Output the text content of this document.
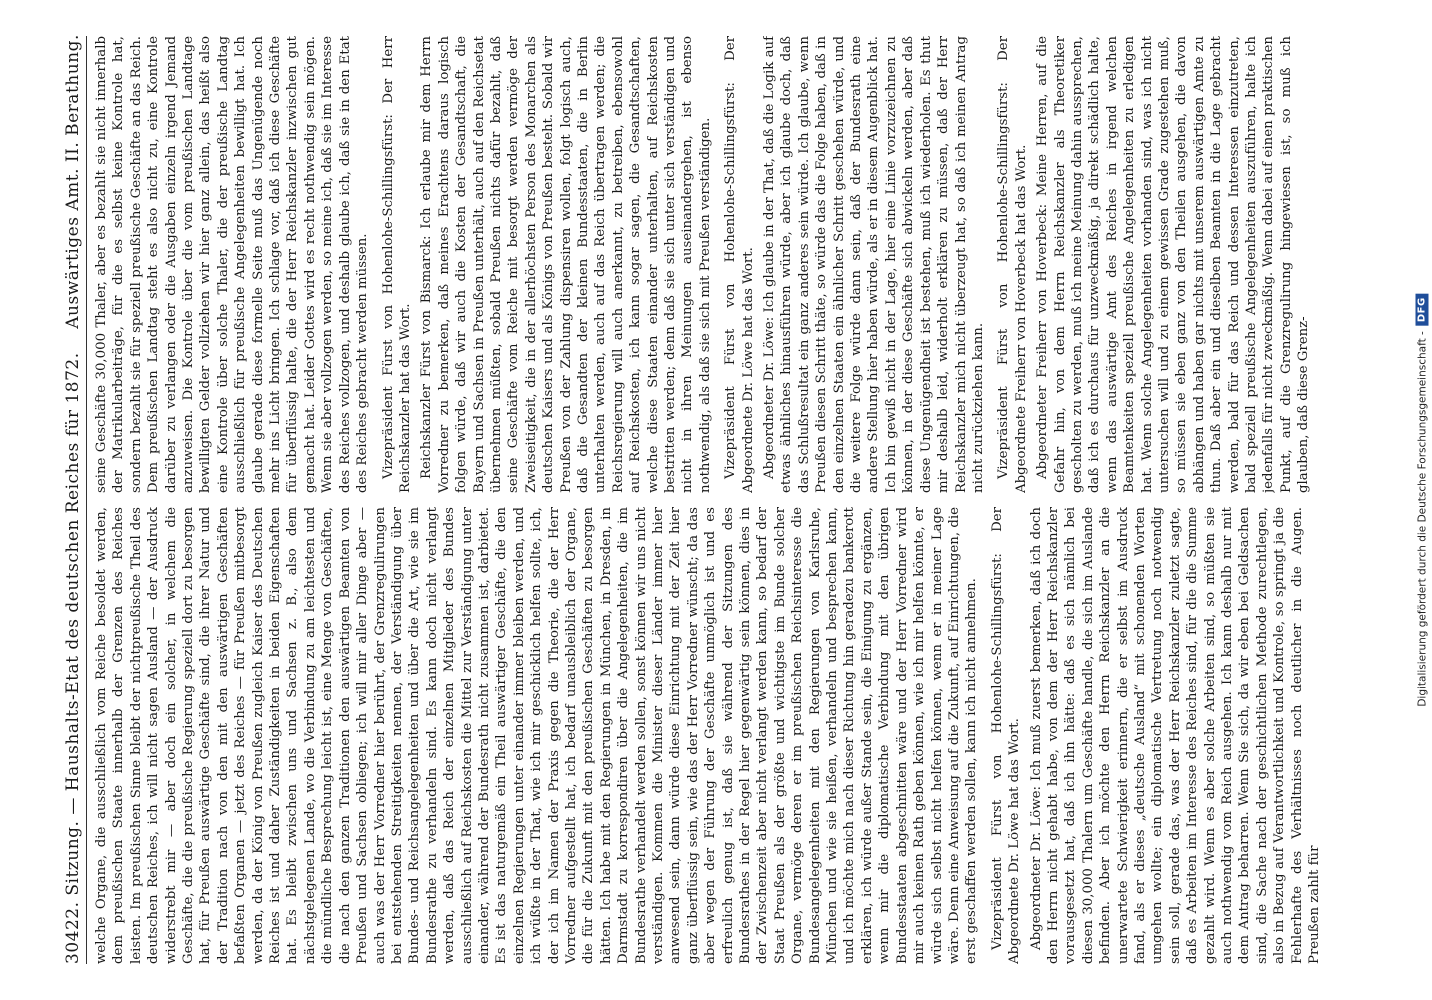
304
22. Sitzung. — Haushalts-Etat des deutschen Reiches für 1872.    Auswärtiges Amt. II. Berathung.

welche Organe, die ausschließlich vom Reiche besoldet werden, dem preußischen Staate innerhalb der Grenzen des Reiches leisten. Im preußischen Sinne bleibt der nichtpreußische Theil des deutschen Reiches, ich will nicht sagen Ausland — der Ausdruck widerstrebt mir — aber doch ein solcher, in welchem die Geschäfte, die die preußische Regierung speziell dort zu besorgen hat, für Preußen auswärtige Geschäfte sind, die ihrer Natur und der Tradition nach von den mit den auswärtigen Geschäften befaßten Organen — jetzt des Reiches — für Preußen mitbesorgt werden, da der König von Preußen zugleich Kaiser des Deutschen Reiches ist und daher Zuständigkeiten in beiden Eigenschaften hat. Es bleibt zwischen uns und Sachsen z. B., also dem nächstgelegenen Lande, wo die Verbindung zu am leichtesten und die mündliche Besprechung leicht ist, eine Menge von Geschäften, die nach den ganzen Traditionen den auswärtigen Beamten von Preußen und Sachsen obliegen; ich will mir aller Dinge aber — auch was der Herr Vorredner hier berührt, der Grenzregulirungen bei entstehenden Streitigkeiten nennen, der Verständigung über Bundes- und Reichsangelegenheiten und über die Art, wie sie im Bundesrathe zu verhandeln sind. Es kann doch nicht verlangt werden, daß das Reich der einzelnen Mitglieder des Bundes ausschließlich auf Reichskosten die Mittel zur Verständigung unter einander, während der Bundesrath nicht zusammen ist, darbietet. Es ist das naturgemäß ein Theil auswärtiger Geschäfte, die den einzelnen Regierungen unter einander immer bleiben werden, und ich wüßte in der That, wie ich mir geschicklich helfen sollte, ich, der ich im Namen der Praxis gegen die Theorie, die der Herr Vorredner aufgestellt hat, ich bedarf unausbleiblich der Organe, die für die Zukunft mit den preußischen Geschäften zu besorgen hätten. Ich habe mit den Regierungen in München, in Dresden, in Darmstadt zu korrespondiren über die Angelegenheiten, die im Bundesrathe verhandelt werden sollen, sonst können wir uns nicht verständigen. Kommen die Minister dieser Länder immer hier anwesend sein, dann würde diese Einrichtung mit der Zeit hier ganz überflüssig sein, wie das der Herr Vorredner wünscht; da das aber wegen der Führung der Geschäfte unmöglich ist und es erfreulich genug ist, daß sie während der Sitzungen des Bundesrathes in der Regel hier gegenwärtig sein können, dies in der Zwischenzeit aber nicht verlangt werden kann, so bedarf der Staat Preußen als der größte und wichtigste im Bunde solcher Organe, vermöge deren er im preußischen Reichsinteresse die Bundesangelegenheiten mit den Regierungen von Karlsruhe, München und wie sie heißen, verhandeln und besprechen kann, und ich möchte mich nach dieser Richtung hin geradezu bankerott erklären, ich würde außer Stande sein, die Einigung zu ergänzen, wenn mir die diplomatische Verbindung mit den übrigen Bundesstaaten abgeschnitten wäre und der Herr Vorredner wird mir auch keinen Rath geben können, wie ich mir helfen könnte, er würde sich selbst nicht helfen können, wenn er in meiner Lage wäre. Denn eine Anweisung auf die Zukunft, auf Einrichtungen, die erst geschaffen werden sollen, kann ich nicht annehmen. Vizepräsident Fürst von Hohenlohe-Schillingsfürst: Der Abgeordnete Dr. Löwe hat das Wort. Abgeordneter Dr. Löwe: Ich muß zuerst bemerken, daß ich doch den Herrn nicht gehabt habe, von dem der Herr Reichskanzler vorausgesetzt hat, daß ich ihn hätte: daß es sich nämlich bei diesen 30,000 Thalern um Geschäfte handle, die sich im Auslande befinden. Aber ich möchte den Herrn Reichskanzler an die unerwartete Schwierigkeit erinnern, die er selbst im Ausdruck fand, als er dieses „deutsche Ausland“ mit schonenden Worten umgehen wollte; ein diplomatische Vertretung noch notwendig sein soll, gerade das, was der Herr Reichskanzler zuletzt sagte, daß es Arbeiten im Interesse des Reiches sind, für die die Summe gezahlt wird. Wenn es aber solche Arbeiten sind, so müßten sie auch nothwendig vom Reich ausgehen. Ich kann deshalb nur mit dem Antrag beharren. Wenn Sie sich, da wir eben bei Geldsachen sind, die Sache nach der geschichtlichen Methode zurechtlegen, also in Bezug auf Verantwortlichkeit und Kontrole, so springt ja die Fehlerhafte des Verhältnisses noch deutlicher in die Augen. Preußen zahlt für

seine Geschäfte 30,000 Thaler, aber es bezahlt sie nicht innerhalb der Matrikularbeiträge, für die es selbst keine Kontrole hat, sondern bezahlt sie für speziell preußische Geschäfte an das Reich. Dem preußischen Landtag steht es also nicht zu, eine Kontrole darüber zu verlangen oder die Ausgaben einzeln irgend Jemand anzuweisen. Die Kontrole über die vom preußischen Landtage bewilligten Gelder vollziehen wir hier ganz allein, das heißt also eine Kontrole über solche Thaler, die der preußische Landtag ausschließlich für preußische Angelegenheiten bewilligt hat. Ich glaube gerade diese formelle Seite muß das Ungenügende noch mehr ins Licht bringen. Ich schlage vor, daß ich diese Geschäfte für überflüssig halte, die der Herr Reichskanzler inzwischen gut gemacht hat. Leider Gottes wird es recht nothwendig sein mögen. Wenn sie aber vollzogen werden, so meine ich, daß sie im Interesse des Reiches vollzogen, und deshalb glaube ich, daß sie in den Etat des Reiches gebracht werden müssen. Vizepräsident Fürst von Hohenlohe-Schillingsfürst: Der Herr Reichskanzler hat das Wort. Reichskanzler Fürst von Bismarck: Ich erlaube mir dem Herrn Vorredner zu bemerken, daß meines Erachtens daraus logisch folgen würde, daß wir auch die Kosten der Gesandtschaft, die Bayern und Sachsen in Preußen unterhält, auch auf den Reichsetat übernehmen müßten, sobald Preußen nichts dafür bezahlt, daß seine Geschäfte vom Reiche mit besorgt werden vermöge der Zweiseitigkeit, die in der allerhöchsten Person des Monarchen als deutschen Kaisers und als Königs von Preußen besteht. Sobald wir Preußen von der Zahlung dispensiren wollen, folgt logisch auch, daß die Gesandten der kleinen Bundesstaaten, die in Berlin unterhalten werden, auch auf das Reich übertragen werden; die Reichsregierung will auch anerkannt, zu betreiben, ebensowohl auf Reichskosten, ich kann sogar sagen, die Gesandtschaften, welche diese Staaten einander unterhalten, auf Reichskosten bestritten werden; denn daß sie sich unter sich verständigen und nicht in ihren Meinungen auseinandergehen, ist ebenso nothwendig, als daß sie sich mit Preußen verständigen. Vizepräsident Fürst von Hohenlohe-Schillingsfürst: Der Abgeordnete Dr. Löwe hat das Wort. Abgeordneter Dr. Löwe: Ich glaube in der That, daß die Logik auf etwas ähnliches hinausführen würde, aber ich glaube doch, daß das Schlußresultat ein ganz anderes sein würde. Ich glaube, wenn Preußen diesen Schritt thäte, so würde das die Folge haben, daß in den einzelnen Staaten ein ähnlicher Schritt geschehen würde, und die weitere Folge würde dann sein, daß der Bundesrath eine andere Stellung hier haben würde, als er in diesem Augenblick hat. Ich bin gewiß nicht in der Lage, hier eine Linie vorzuzeichnen zu können, in der diese Geschäfte sich abwickeln werden, aber daß diese Ungenügendheit ist bestehen, muß ich wiederholen. Es thut mir deshalb leid, widerholt erklären zu müssen, daß der Herr Reichskanzler mich nicht überzeugt hat, so daß ich meinen Antrag nicht zurückziehen kann. Vizepräsident Fürst von Hohenlohe-Schillingsfürst: Der Abgeordnete Freiherr von Hoverbeck hat das Wort. Abgeordneter Freiherr von Hoverbeck: Meine Herren, auf die Gefahr hin, von dem Herrn Reichskanzler als Theoretiker gescholten zu werden, muß ich meine Meinung dahin aussprechen, daß ich es durchaus für unzweckmäßig, ja direkt schädlich halte, wenn das auswärtige Amt des Reiches in irgend welchen Beamtenkeiten speziell preußische Angelegenheiten zu erledigen hat. Wenn solche Angelegenheiten vorhanden sind, was ich nicht untersuchen will und zu einem gewissen Grade zugestehen muß, so müssen sie eben ganz von den Theilen ausgehen, die davon abhängen und haben gar nichts mit unserem auswärtigen Amte zu thun. Daß aber ein und dieselben Beamten in die Lage gebracht werden, bald für das Reich und dessen Interessen einzutreten, bald speziell preußische Angelegenheiten auszuführen, halte ich jedenfalls für nicht zweckmäßig. Wenn dabei auf einen praktischen Punkt, auf die Grenzregulirung hingewiesen ist, so muß ich glauben, daß diese Grenz-	Digitalisierung gefördert durch die Deutsche Forschungsgemeinschaft -
DFG
